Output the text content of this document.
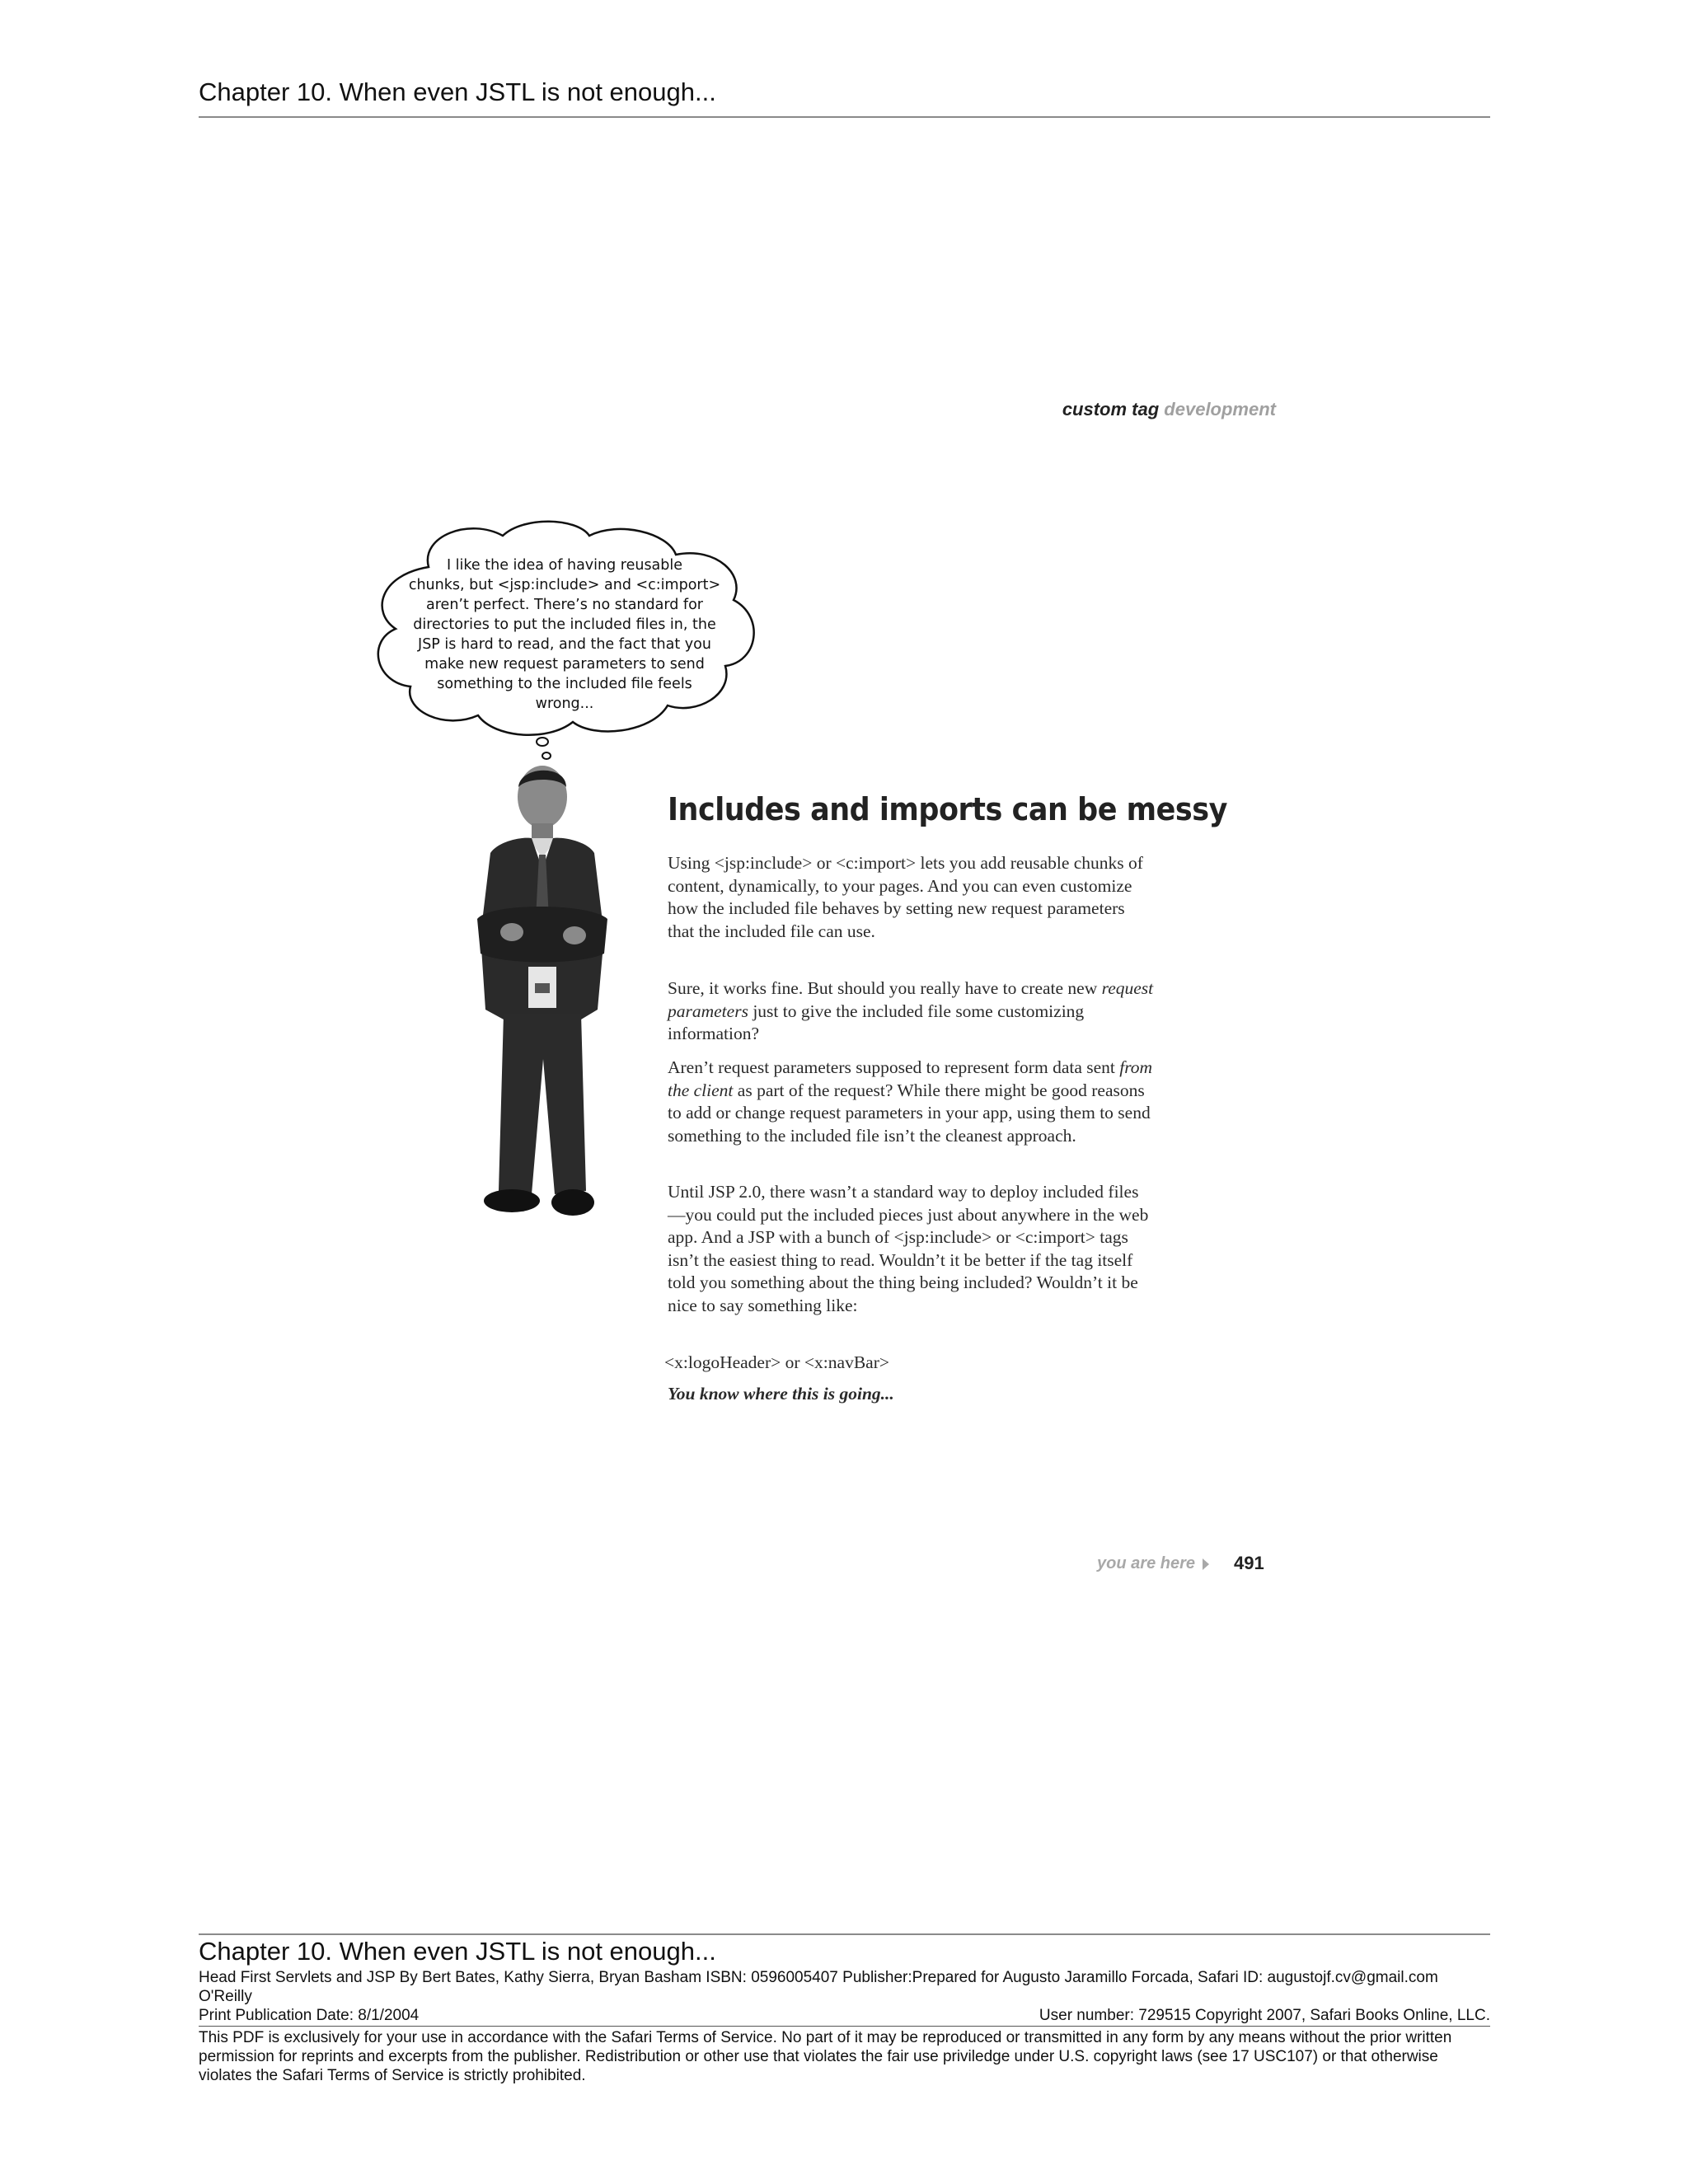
Chapter 10. When even JSTL is not enough...
custom tag development
I like the idea of having reusable
chunks, but <jsp:include> and <c:import>
aren’t perfect. There’s no standard for
directories to put the included files in, the
JSP is hard to read, and the fact that you
make new request parameters to send
something to the included file feels
wrong...
Includes and imports can be messy
Using <jsp:include> or <c:import> lets you add reusable chunks of content, dynamically, to your pages. And you can even customize how the included file behaves by setting new request parameters that the included file can use.
Sure, it works fine. But should you really have to create new request parameters just to give the included file some customizing information?
Aren’t request parameters supposed to represent form data sent from the client as part of the request? While there might be good reasons to add or change request parameters in your app, using them to send something to the included file isn’t the cleanest approach.
Until JSP 2.0, there wasn’t a standard way to deploy included files—you could put the included pieces just about anywhere in the web app. And a JSP with a bunch of <jsp:include> or <c:import> tags isn’t the easiest thing to read. Wouldn’t it be better if the tag itself told you something about the thing being included? Wouldn’t it be nice to say something like:
<x:logoHeader> or <x:navBar>
You know where this is going...
you are here 491
Chapter 10. When even JSTL is not enough...
Head First Servlets and JSP By Bert Bates, Kathy Sierra, Bryan Basham ISBN: 0596005407 Publisher:Prepared for Augusto Jaramillo Forcada, Safari ID: augustojf.cv@gmail.com
O'Reilly
Print Publication Date: 8/1/2004	User number: 729515 Copyright 2007, Safari Books Online, LLC.
This PDF is exclusively for your use in accordance with the Safari Terms of Service. No part of it may be reproduced or transmitted in any form by any means without the prior written permission for reprints and excerpts from the publisher. Redistribution or other use that violates the fair use priviledge under U.S. copyright laws (see 17 USC107) or that otherwise violates the Safari Terms of Service is strictly prohibited.
